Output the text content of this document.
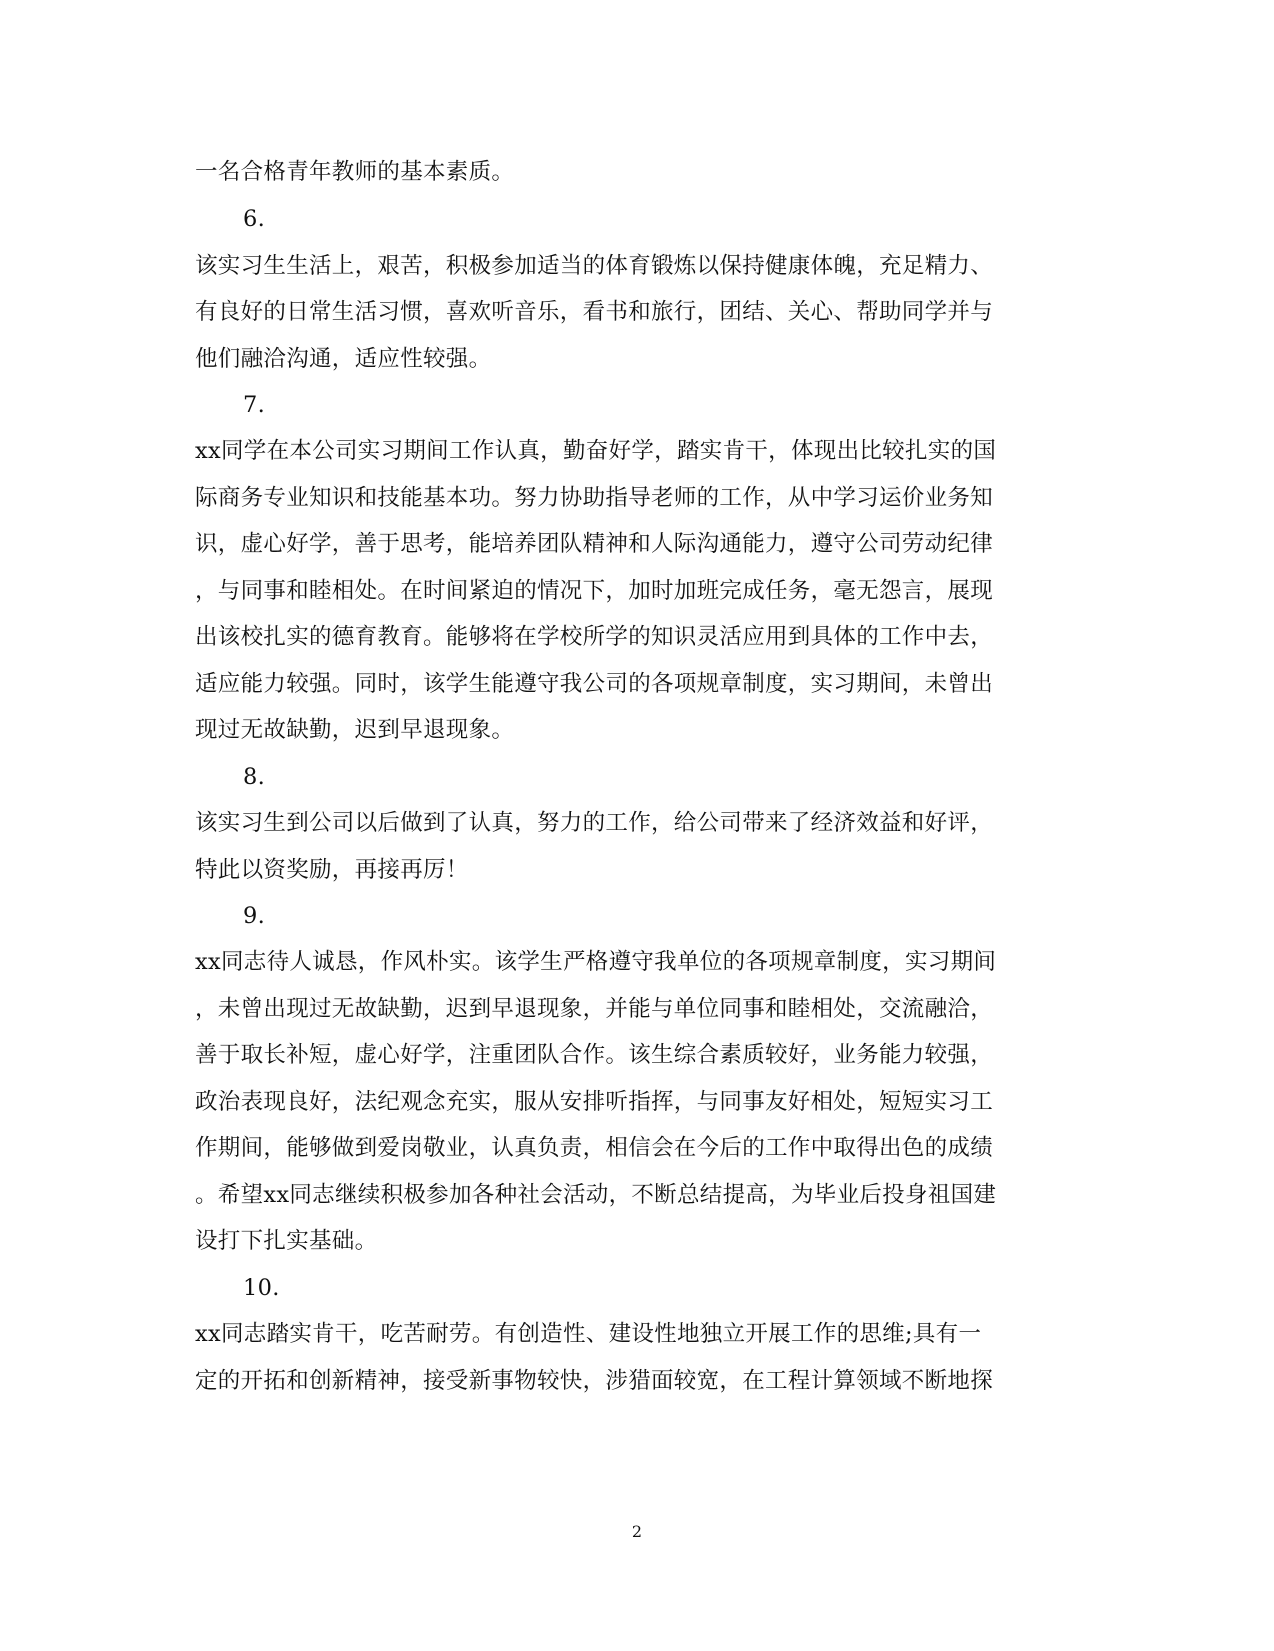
一名合格青年教师的基本素质。
6.
该实习生生活上，艰苦，积极参加适当的体育锻炼以保持健康体魄，充足精力、
有良好的日常生活习惯，喜欢听音乐，看书和旅行，团结、关心、帮助同学并与
他们融洽沟通，适应性较强。
7.
xx同学在本公司实习期间工作认真，勤奋好学，踏实肯干，体现出比较扎实的国
际商务专业知识和技能基本功。努力协助指导老师的工作，从中学习运价业务知
识，虚心好学，善于思考，能培养团队精神和人际沟通能力，遵守公司劳动纪律
，与同事和睦相处。在时间紧迫的情况下，加时加班完成任务，毫无怨言，展现
出该校扎实的德育教育。能够将在学校所学的知识灵活应用到具体的工作中去，
适应能力较强。同时，该学生能遵守我公司的各项规章制度，实习期间，未曾出
现过无故缺勤，迟到早退现象。
8.
该实习生到公司以后做到了认真，努力的工作，给公司带来了经济效益和好评，
特此以资奖励，再接再厉！
9.
xx同志待人诚恳，作风朴实。该学生严格遵守我单位的各项规章制度，实习期间
，未曾出现过无故缺勤，迟到早退现象，并能与单位同事和睦相处，交流融洽，
善于取长补短，虚心好学，注重团队合作。该生综合素质较好，业务能力较强，
政治表现良好，法纪观念充实，服从安排听指挥，与同事友好相处，短短实习工
作期间，能够做到爱岗敬业，认真负责，相信会在今后的工作中取得出色的成绩
。希望xx同志继续积极参加各种社会活动，不断总结提高，为毕业后投身祖国建
设打下扎实基础。
10.
xx同志踏实肯干，吃苦耐劳。有创造性、建设性地独立开展工作的思维;具有一
定的开拓和创新精神，接受新事物较快，涉猎面较宽，在工程计算领域不断地探
2
